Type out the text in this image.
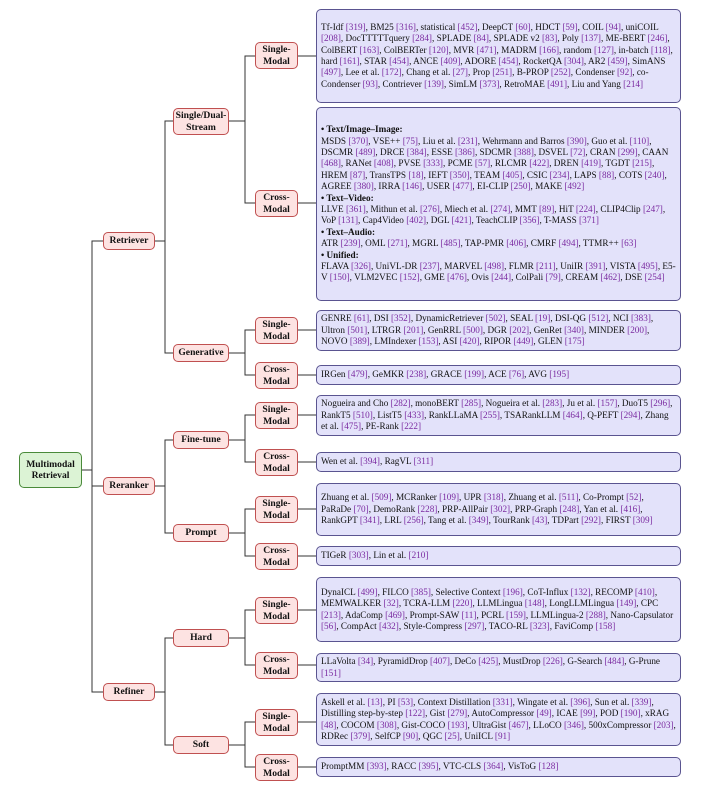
Multimodal
Retrieval
Retriever
Reranker
Refiner
Single/Dual-
Stream
Generative
Fine-tune
Prompt
Hard
Soft
Single-
Modal
Cross-
Modal
Single-
Modal
Cross-
Modal
Single-
Modal
Cross-
Modal
Single-
Modal
Cross-
Modal
Single-
Modal
Cross-
Modal
Single-
Modal
Cross-
Modal
Tf-Idf [319], BM25 [316], statistical [452], DeepCT [60], HDCT [59], COIL [94], uniCOIL [208], DocTTTTTquery [284], SPLADE [84], SPLADE v2 [83], Poly [137], ME-BERT [246], ColBERT [163], ColBERTer [120], MVR [471], MADRM [166], random [127], in-batch [118], hard [161], STAR [454], ANCE [409], ADORE [454], RocketQA [304], AR2 [459], SimANS [497], Lee et al. [172], Chang et al. [27], Prop [251], B-PROP [252], Condenser [92], co-Condenser [93], Contriever [139], SimLM [373], RetroMAE [491], Liu and Yang [214]
• Text/Image–Image:
MSDS [370], VSE++ [75], Liu et al. [231], Wehrmann and Barros [390], Guo et al. [110], DSCMR [489], DRCE [384], ESSE [386], SDCMR [388], DSVEL [72], CRAN [299], CAAN [468], RANet [408], PVSE [333], PCME [57], RLCMR [422], DREN [419], TGDT [215], HREM [87], TransTPS [18], IEFT [350], TEAM [405], CSIC [234], LAPS [88], COTS [240], AGREE [380], IRRA [146], USER [477], EI-CLIP [250], MAKE [492]
• Text–Video:
LLVE [361], Mithun et al. [276], Miech et al. [274], MMT [89], HiT [224], CLIP4Clip [247], VoP [131], Cap4Video [402], DGL [421], TeachCLIP [356], T-MASS [371]
• Text–Audio:
ATR [239], OML [271], MGRL [485], TAP-PMR [406], CMRF [494], TTMR++ [63]
• Unified:
FLAVA [326], UniVL-DR [237], MARVEL [498], FLMR [211], UniIR [391], VISTA [495], E5-V [150], VLM2VEC [152], GME [476], Ovis [244], ColPali [79], CREAM [462], DSE [254]
GENRE [61], DSI [352], DynamicRetriever [502], SEAL [19], DSI-QG [512], NCI [383], Ultron [501], LTRGR [201], GenRRL [500], DGR [202], GenRet [340], MINDER [200], NOVO [389], LMIndexer [153], ASI [420], RIPOR [449], GLEN [175]
IRGen [479], GeMKR [238], GRACE [199], ACE [76], AVG [195]
Nogueira and Cho [282], monoBERT [285], Nogueira et al. [283], Ju et al. [157], DuoT5 [296], RankT5 [510], ListT5 [433], RankLLaMA [255], TSARankLLM [464], Q-PEFT [294], Zhang et al. [475], PE-Rank [222]
Wen et al. [394], RagVL [311]
Zhuang et al. [509], MCRanker [109], UPR [318], Zhuang et al. [511], Co-Prompt [52], PaRaDe [70], DemoRank [228], PRP-AllPair [302], PRP-Graph [248], Yan et al. [416], RankGPT [341], LRL [256], Tang et al. [349], TourRank [43], TDPart [292], FIRST [309]
TIGeR [303], Lin et al. [210]
DynaICL [499], FILCO [385], Selective Context [196], CoT-Influx [132], RECOMP [410], MEMWALKER [32], TCRA-LLM [220], LLMLingua [148], LongLLMLingua [149], CPC [213], AdaComp [469], Prompt-SAW [11], PCRL [159], LLMLingua-2 [288], Nano-Capsulator [56], CompAct [432], Style-Compress [297], TACO-RL [323], FaviComp [158]
LLaVolta [34], PyramidDrop [407], DeCo [425], MustDrop [226], G-Search [484], G-Prune [151]
Askell et al. [13], PI [53], Context Distillation [331], Wingate et al. [396], Sun et al. [339], Distilling step-by-step [122], Gist [279], AutoCompressor [49], ICAE [99], POD [190], xRAG [48], COCOM [308], Gist-COCO [193], UltraGist [467], LLoCO [346], 500xCompressor [203], RDRec [379], SelfCP [90], QGC [25], UniICL [91]
PromptMM [393], RACC [395], VTC-CLS [364], VisToG [128]
